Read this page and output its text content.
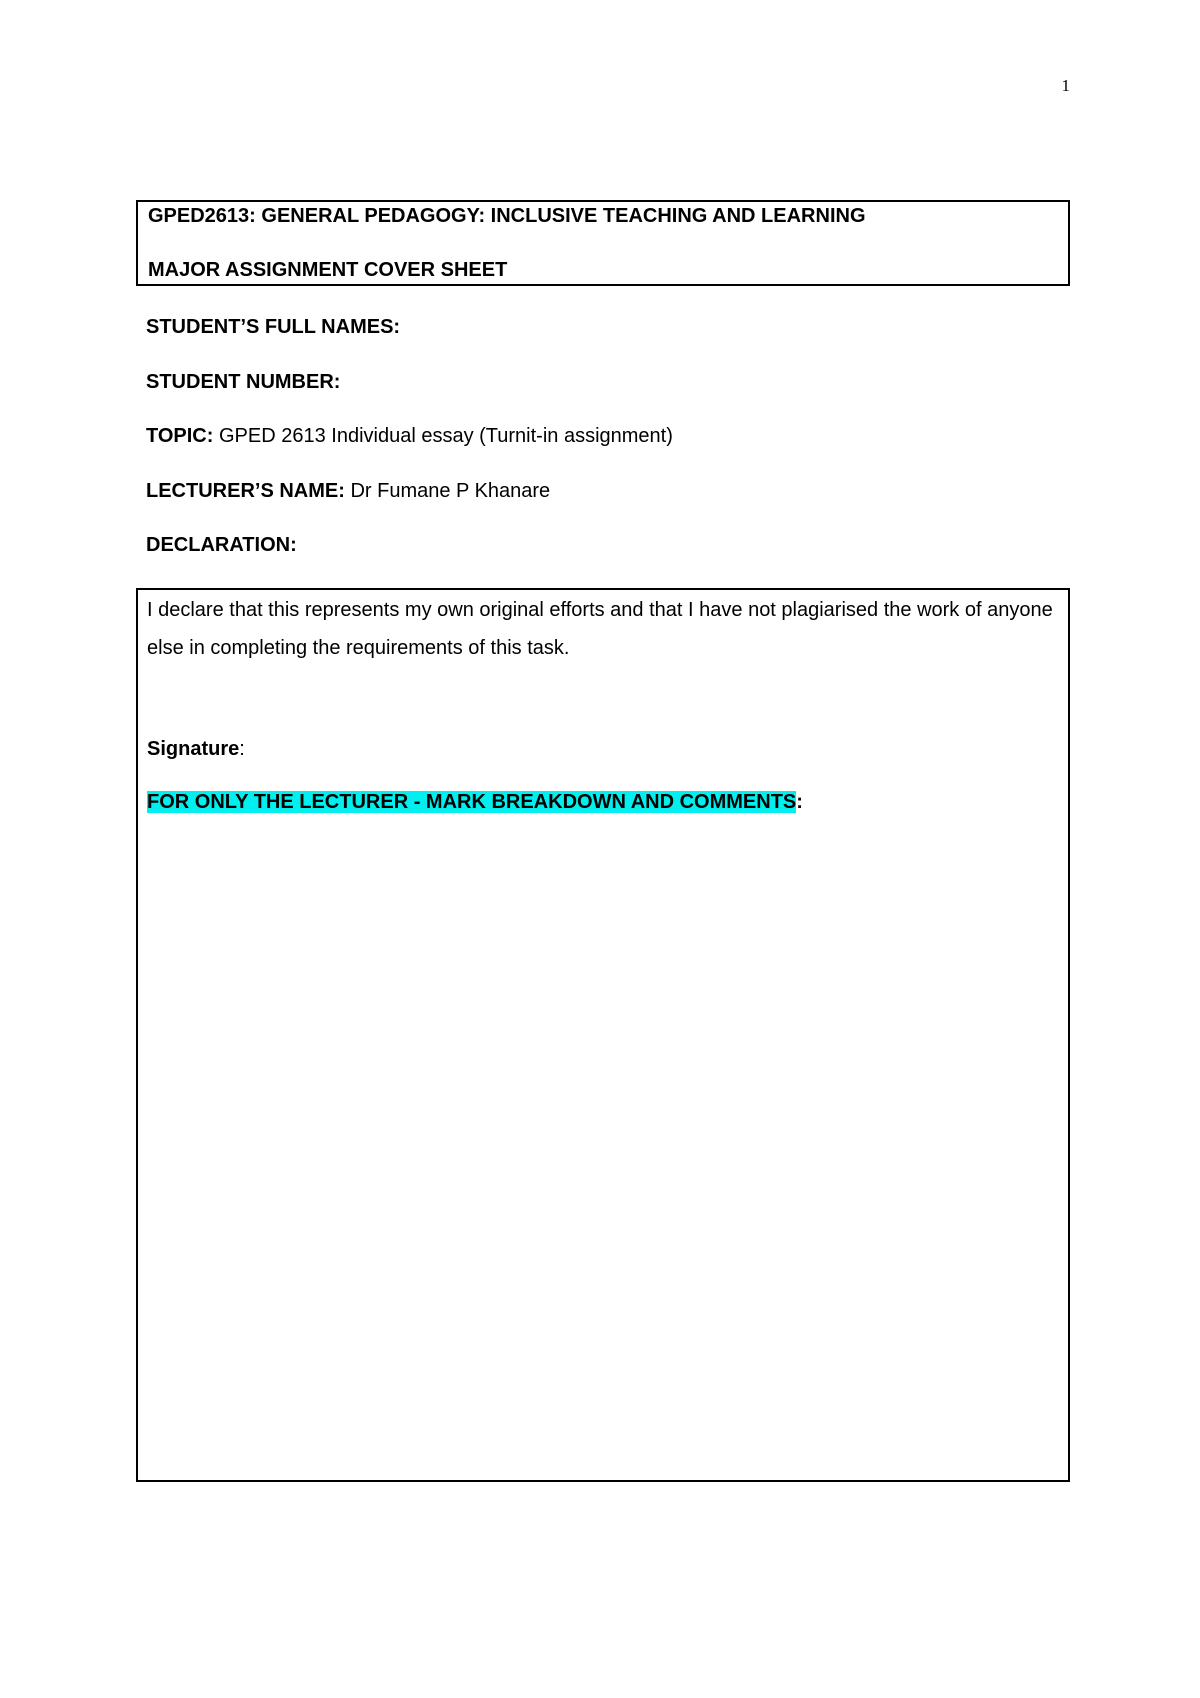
1
GPED2613: GENERAL PEDAGOGY: INCLUSIVE TEACHING AND LEARNING
MAJOR ASSIGNMENT COVER SHEET
STUDENT’S FULL NAMES:
STUDENT NUMBER:
TOPIC: GPED 2613 Individual essay (Turnit-in assignment)
LECTURER’S NAME: Dr Fumane P Khanare
DECLARATION:
I declare that this represents my own original efforts and that I have not plagiarised the work of anyone else in completing the requirements of this task.
Signature:
FOR ONLY THE LECTURER - MARK BREAKDOWN AND COMMENTS:
